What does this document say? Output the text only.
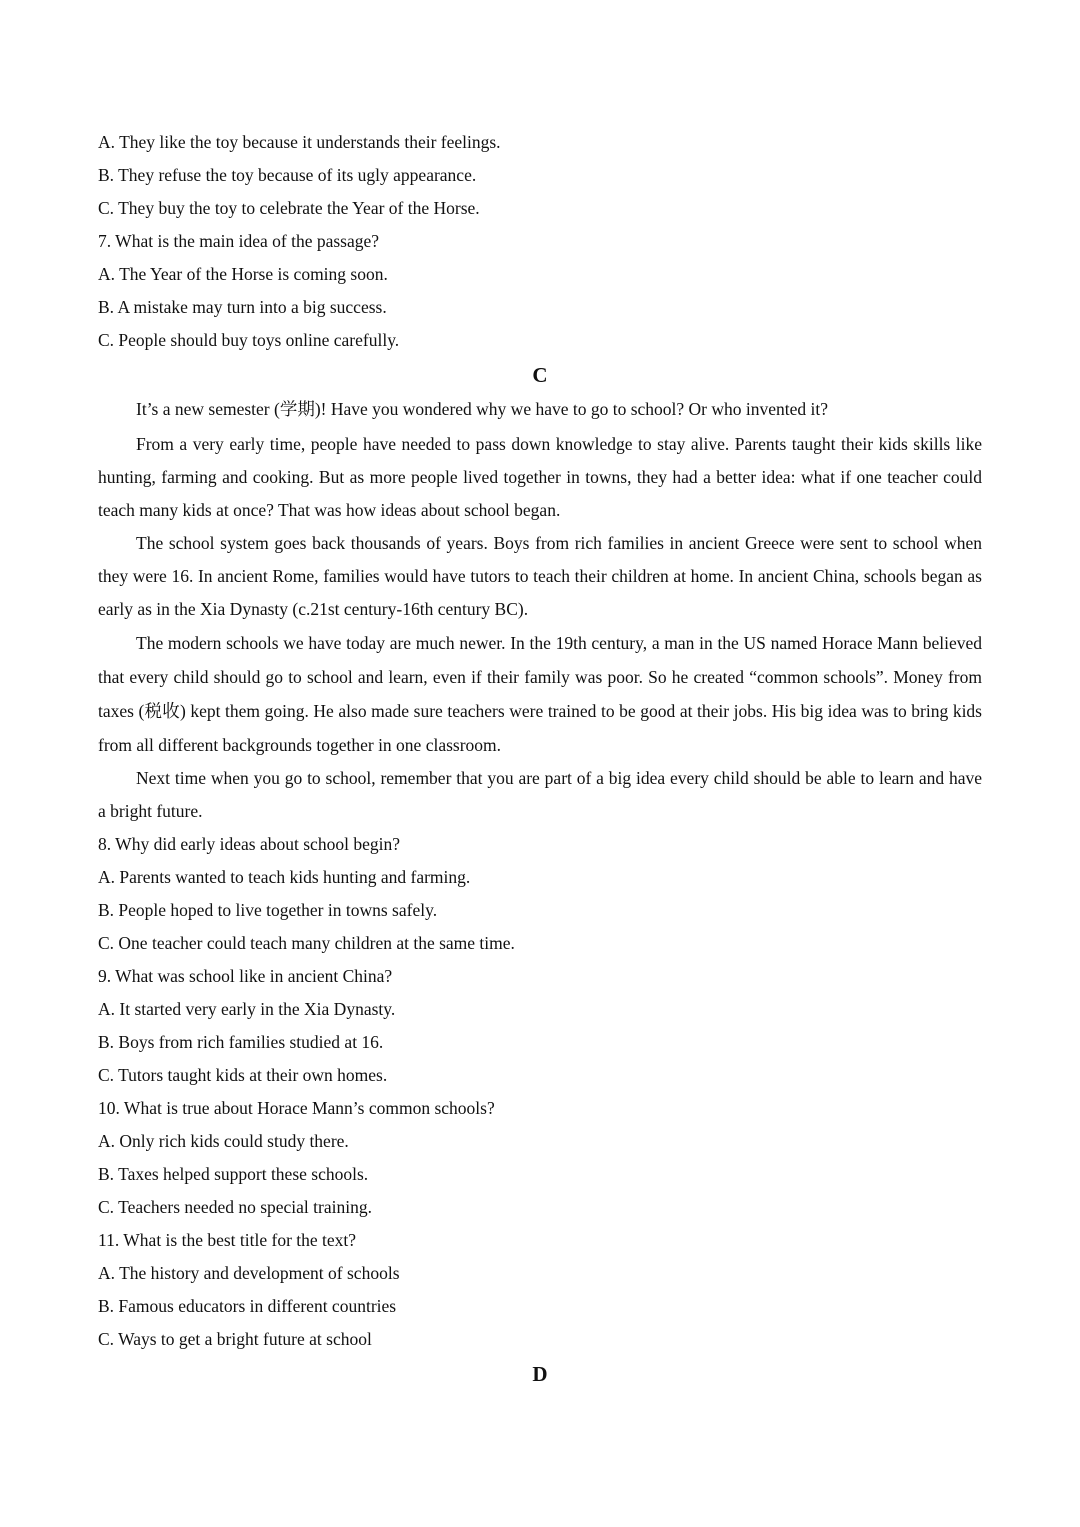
A. They like the toy because it understands their feelings.
B. They refuse the toy because of its ugly appearance.
C. They buy the toy to celebrate the Year of the Horse.
7. What is the main idea of the passage?
A. The Year of the Horse is coming soon.
B. A mistake may turn into a big success.
C. People should buy toys online carefully.
C

It’s a new semester (学期)! Have you wondered why we have to go to school? Or who invented it?

From a very early time, people have needed to pass down knowledge to stay alive. Parents taught their kids skills like hunting, farming and cooking. But as more people lived together in towns, they had a better idea: what if one teacher could teach many kids at once? That was how ideas about school began.

The school system goes back thousands of years. Boys from rich families in ancient Greece were sent to school when they were 16. In ancient Rome, families would have tutors to teach their children at home. In ancient China, schools began as early as in the Xia Dynasty (c.21st century-16th century BC).

The modern schools we have today are much newer. In the 19th century, a man in the US named Horace Mann believed that every child should go to school and learn, even if their family was poor. So he created “common schools”. Money from taxes (税收) kept them going. He also made sure teachers were trained to be good at their jobs. His big idea was to bring kids from all different backgrounds together in one classroom.

Next time when you go to school, remember that you are part of a big idea every child should be able to learn and have a bright future.

8. Why did early ideas about school begin?
A. Parents wanted to teach kids hunting and farming.
B. People hoped to live together in towns safely.
C. One teacher could teach many children at the same time.
9. What was school like in ancient China?
A. It started very early in the Xia Dynasty.
B. Boys from rich families studied at 16.
C. Tutors taught kids at their own homes.
10. What is true about Horace Mann’s common schools?
A. Only rich kids could study there.
B. Taxes helped support these schools.
C. Teachers needed no special training.
11. What is the best title for the text?
A. The history and development of schools
B. Famous educators in different countries
C. Ways to get a bright future at school
D
